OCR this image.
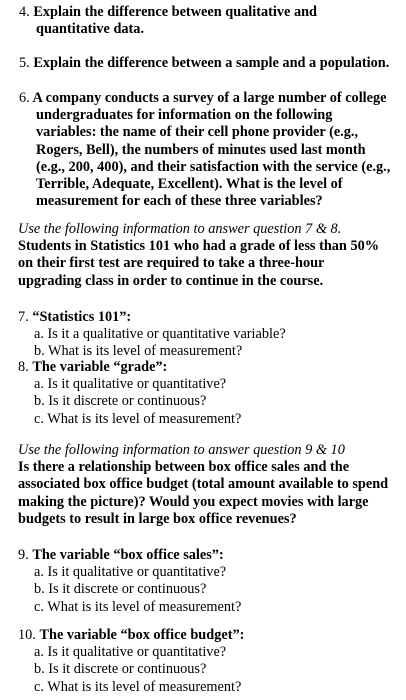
4. Explain the difference between qualitative and
quantitative data.
5. Explain the difference between a sample and a population.
6. A company conducts a survey of a large number of college
undergraduates for information on the following
variables: the name of their cell phone provider (e.g.,
Rogers, Bell), the numbers of minutes used last month
(e.g., 200, 400), and their satisfaction with the service (e.g.,
Terrible, Adequate, Excellent). What is the level of
measurement for each of these three variables?
Use the following information to answer question 7 & 8.
Students in Statistics 101 who had a grade of less than 50%
on their first test are required to take a three-hour
upgrading class in order to continue in the course.
7. “Statistics 101”:
a. Is it a qualitative or quantitative variable?
b. What is its level of measurement?
8. The variable “grade”:
a. Is it qualitative or quantitative?
b. Is it discrete or continuous?
c. What is its level of measurement?
Use the following information to answer question 9 & 10
Is there a relationship between box office sales and the
associated box office budget (total amount available to spend
making the picture)? Would you expect movies with large
budgets to result in large box office revenues?
9. The variable “box office sales”:
a. Is it qualitative or quantitative?
b. Is it discrete or continuous?
c. What is its level of measurement?
10. The variable “box office budget”:
a. Is it qualitative or quantitative?
b. Is it discrete or continuous?
c. What is its level of measurement?
